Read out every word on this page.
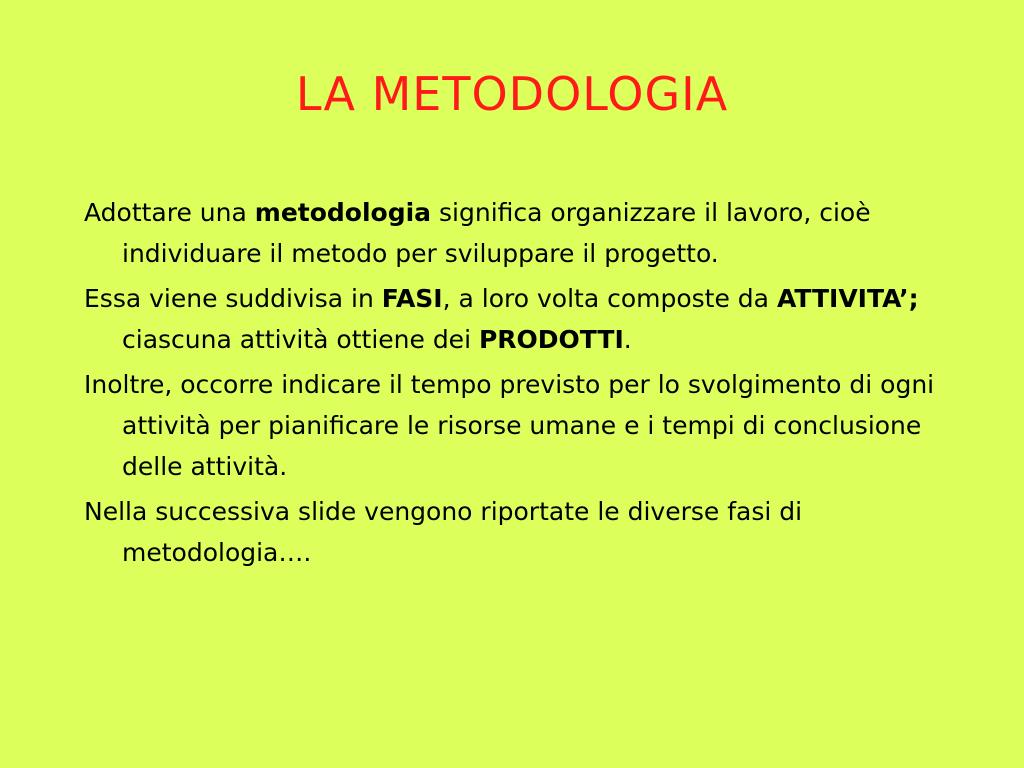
LA METODOLOGIA

Adottare una metodologia significa organizzare il lavoro, cioè individuare il metodo per sviluppare il progetto.

Essa viene suddivisa in FASI, a loro volta composte da ATTIVITA’; ciascuna attività ottiene dei PRODOTTI.

Inoltre, occorre indicare il tempo previsto per lo svolgimento di ogni attività per pianificare le risorse umane e i tempi di conclusione delle attività.

Nella successiva slide vengono riportate le diverse fasi di metodologia….
